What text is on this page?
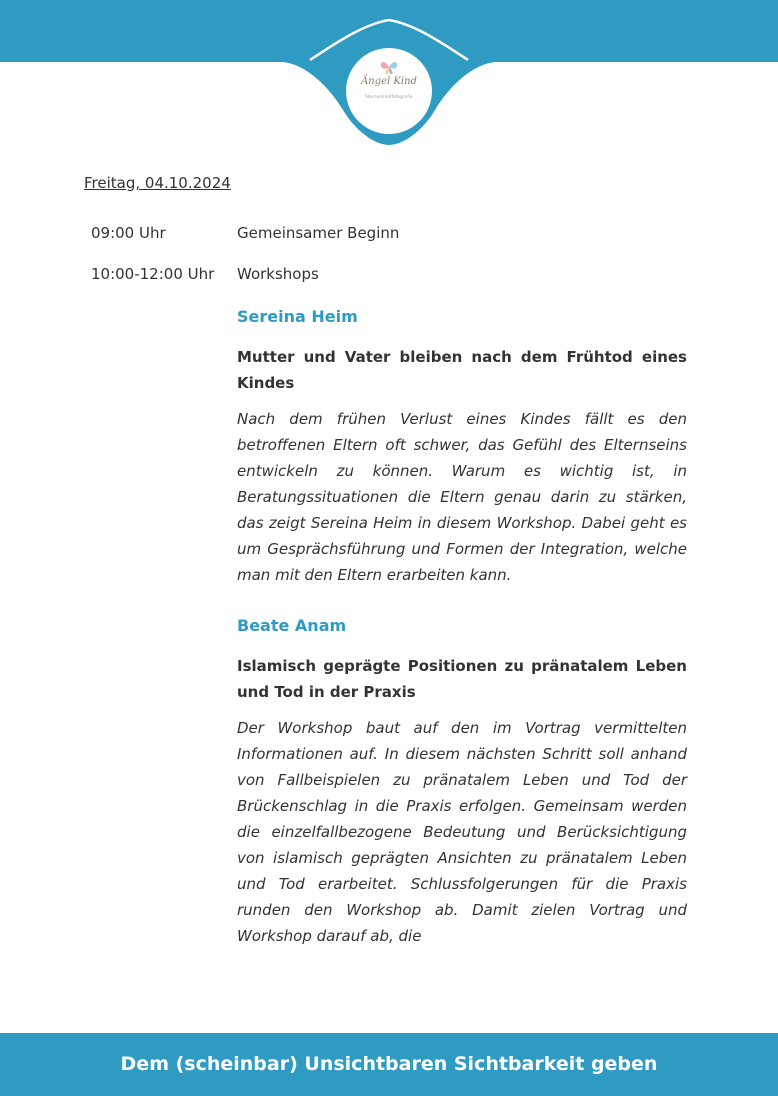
Ängel Kind
Sternenkindfotografie
Freitag, 04.10.2024
09:00 Uhr	Gemeinsamer Beginn
10:00-12:00 Uhr Workshops

Sereina Heim

Mutter und Vater bleiben nach dem Frühtod eines Kindes

Nach dem frühen Verlust eines Kindes fällt es den betroffenen Eltern oft schwer, das Gefühl des Elternseins entwickeln zu können. Warum es wichtig ist, in Beratungssituationen die Eltern genau darin zu stärken, das zeigt Sereina Heim in diesem Workshop. Dabei geht es um Gesprächsführung und Formen der Integration, welche man mit den Eltern erarbeiten kann.

Beate Anam

Islamisch geprägte Positionen zu pränatalem Leben und Tod in der Praxis

Der Workshop baut auf den im Vortrag vermittelten Informationen auf. In diesem nächsten Schritt soll anhand von Fallbeispielen zu pränatalem Leben und Tod der Brückenschlag in die Praxis erfolgen. Gemeinsam werden die einzelfallbezogene Bedeutung und Berücksichtigung von islamisch geprägten Ansichten zu pränatalem Leben und Tod erarbeitet. Schlussfolgerungen für die Praxis runden den Workshop ab. Damit zielen Vortrag und Workshop darauf ab, die

Dem (scheinbar) Unsichtbaren Sichtbarkeit geben
